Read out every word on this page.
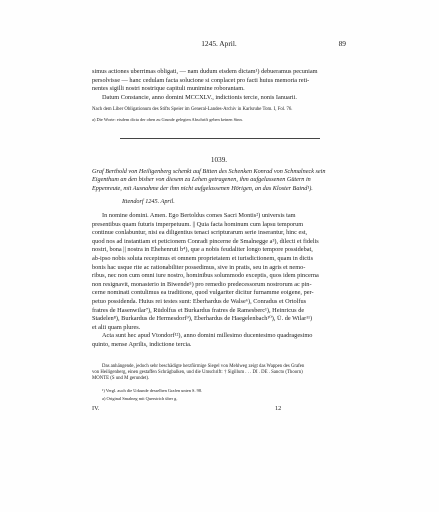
1245. April.	89
simus actiones uberrimas obligati, — nam dudum eisdem dictam¹) debueramus pecuniam
persolvisse — hanc cedulam facta solucione si conplacet pro facti huius memoria reti-
nentes sigilli nostri nostrique capituli munimine roborantam.
Datum Constancie, anno domini MCCXLV., indictionis tercie, nonis Ianuarii.
Nach dem Liber Obligationum des Stifts Speier im General-Landes-Archiv in Karlsruhe Tom. I, Fol. 76.
a) Die Worte: eisdem dicta der oben zu Grunde gelegten Abschrift geben keinen Sinn.
1039.
Graf Berthold von Heiligenberg schenkt auf Bitten des Schenken Konrad von Schmalneck sein
Eigenthum an den bisher von diesem zu Lehen getragenen, ihm aufgelassenen Gütern in
Eppenreute, mit Ausnahme der ihm nicht aufgelassenen Hörigen, an das Kloster Baind¹).
Ittendorf 1245. April.
In nomine domini. Amen. Ego Bertoldus comes Sacri Montis²) universis tam
presentibus quam futuris imperpetuum. || Quia facta hominum cum lapsu temporum
continue conlabuntur, nisi ea diligentius tenaci scripturarum serie inserantur, hinc est,
quod nos ad instantiam et peticionem Conradi pincerne de Smalnegge a³), dilecti et fidelis
nostri, bona || nostra in Ehehenruti b⁴), que a nobis feudaliter longo tempore possidebat,
ab-ipso nobis soluta recepimus et omnem proprietatem et iurisdictionem, quam in dictis
bonis hac usque rite ac rationabiliter possedimus, sive in pratis, seu in agris et nemo-
ribus, nec non cum omni iure nostro, hominibus solummodo exceptis, quos idem pincerna
non resignavit, monasterio in Biwende⁵) pro remedio predecessorum nostrorum ac pin-
cerne nominati contulimus ea traditione, quod vulgariter dicitur furnamme eoigene, per-
petuo possidenda. Huius rei testes sunt: Eberhardus de Walse⁶), Conradus et Ortolfus
fratres de Hasenwilar⁷), Rūdolfus et Burkardus fratres de Ramesberc¹), Heinricus de
Stadelen⁸), Burkardus de Hermesdorf⁹), Eberhardus de Haegelenbach¹⁰), Ū. de Wilar¹¹)
et alii quam plures.
Acta sunt hec apud Vtondorf¹²), anno domini millesimo ducentesimo quadragesimo
quinto, mense Aprilis, indictione tercia.
Das anhängende, jedoch sehr beschädigte herzförmige Siegel von Mehlweg zeigt das Wappen des Grafen
von Heiligenberg, einen gestaffen Schrägbalken, und die Umschrift: † Sigillum . . . DI . DE . Sancto (Thoorn)
MONTE (S und M gerundet).
¹) Vergl. auch die Urkunde desselben Grafen unten S. 98.
a) Original Smalneg mit Querstrich über g.
IV.	12
